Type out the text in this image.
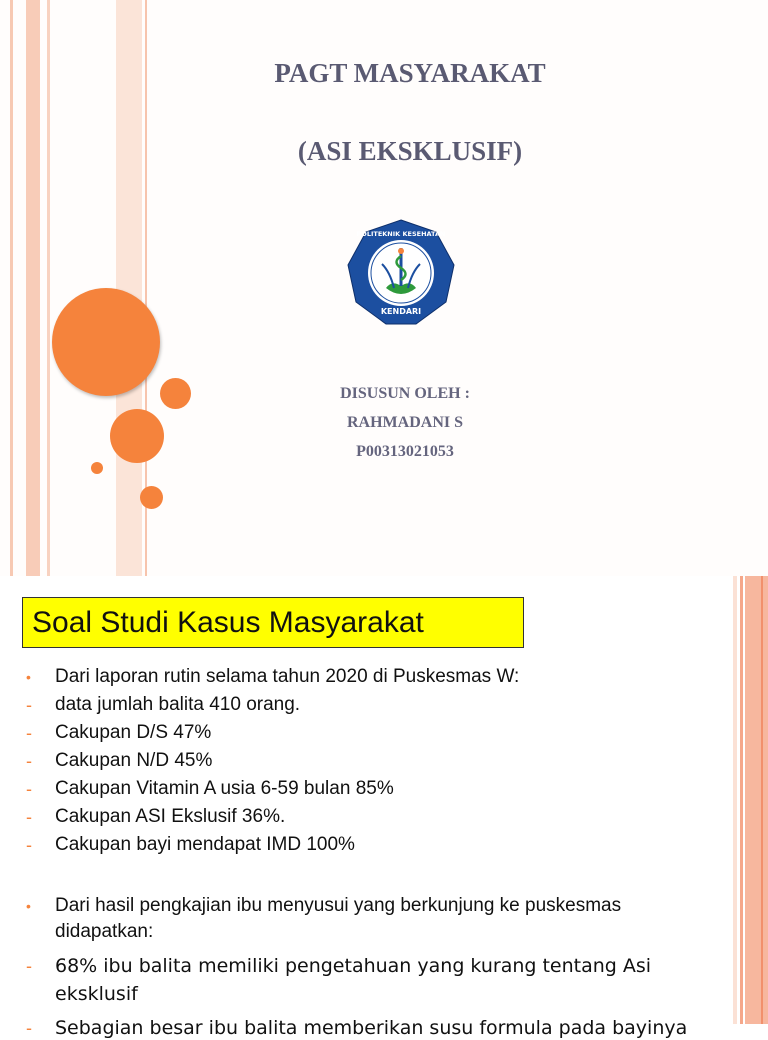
PAGT MASYARAKAT
(ASI EKSKLUSIF)
KENDARI
POLITEKNIK KESEHATAN
DISUSUN OLEH :
RAHMADANI S
P00313021053
Soal Studi Kasus Masyarakat
• Dari laporan rutin selama tahun 2020 di Puskesmas W:
- data jumlah balita 410 orang.
- Cakupan D/S 47%
- Cakupan N/D 45%
- Cakupan Vitamin A usia 6-59 bulan 85%
- Cakupan ASI Ekslusif 36%.
- Cakupan bayi mendapat IMD 100%
• Dari hasil pengkajian ibu menyusui yang berkunjung ke puskesmas
didapatkan:
- 68% ibu balita memiliki pengetahuan yang kurang tentang Asi
eksklusif
- Sebagian besar ibu balita memberikan susu formula pada bayinya
